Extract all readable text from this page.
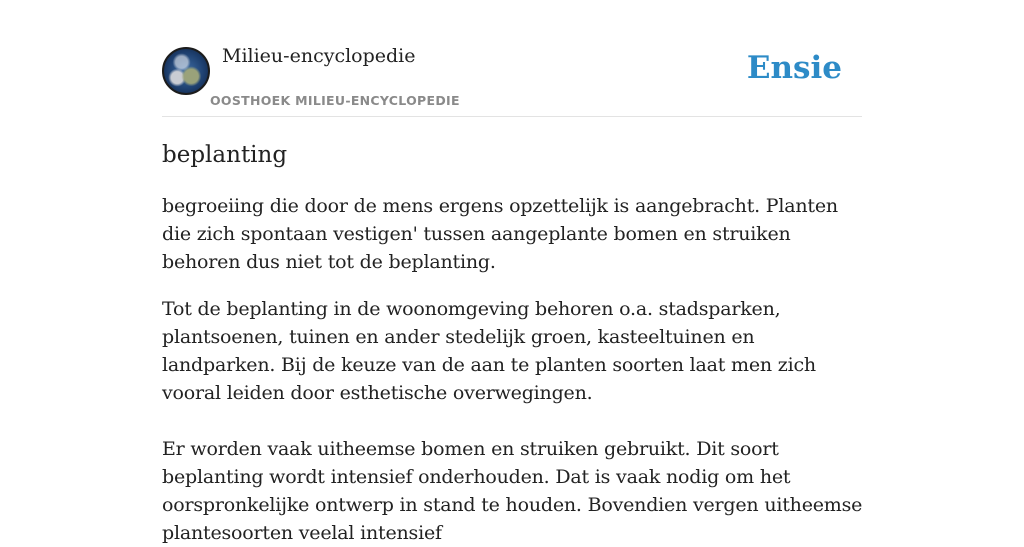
Milieu-encyclopedie
OOSTHOEK MILIEU-ENCYCLOPEDIE
Ensie
beplanting

begroeiing die door de mens ergens opzettelijk is aangebracht. Planten die zich spontaan vestigen' tussen aangeplante bomen en struiken behoren dus niet tot de beplanting.

Tot de beplanting in de woonomgeving behoren o.a. stadsparken, plantsoenen, tuinen en ander stedelijk groen, kasteeltuinen en landparken. Bij de keuze van de aan te planten soorten laat men zich vooral leiden door esthetische overwegingen.

Er worden vaak uitheemse bomen en struiken gebruikt. Dit soort beplanting wordt intensief onderhouden. Dat is vaak nodig om het oorspronkelijke ontwerp in stand te houden. Bovendien vergen uitheemse plantesoorten veelal intensief
